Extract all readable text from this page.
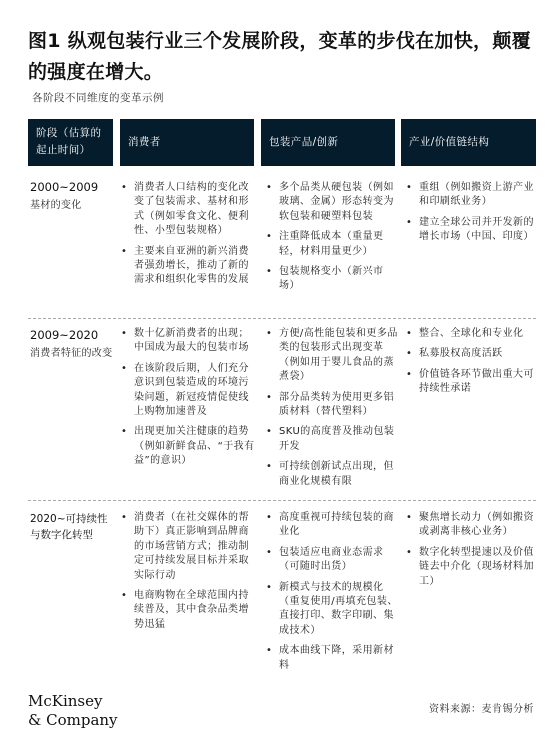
图1 纵观包装行业三个发展阶段，变革的步伐在加快，颠覆的强度在增大。
各阶段不同维度的变革示例
阶段（估算的起止时间）
消费者	包装产品/创新	产业/价值链结构
2000~2009
基材的变化
• 消费者人口结构的变化改变了包装需求、基材和形式（例如零食文化、便利性、小型包装规格）
• 主要来自亚洲的新兴消费者强劲增长，推动了新的需求和组织化零售的发展
• 多个品类从硬包装（例如玻璃、金属）形态转变为软包装和硬塑料包装
• 注重降低成本（重量更轻，材料用量更少）
• 包装规格变小（新兴市场）
• 重组（例如搬资上游产业和印刷纸业务）
• 建立全球公司并开发新的增长市场（中国、印度）
2009~2020
消费者特征的改变
• 数十亿新消费者的出现；中国成为最大的包装市场
• 在该阶段后期，人们充分意识到包装造成的环境污染问题，新冠疫情促使线上购物加速普及
• 出现更加关注健康的趋势（例如新鲜食品、“于我有益”的意识）
• 方便/高性能包装和更多品类的包装形式出现变革（例如用于婴儿食品的蒸煮袋）
• 部分品类转为使用更多铝质材料（替代塑料）
• SKU的高度普及推动包装开发
• 可持续创新试点出现，但商业化规模有限
• 整合、全球化和专业化
• 私募股权高度活跃
• 价值链各环节做出重大可持续性承诺
2020~可持续性与数字化转型
• 消费者（在社交媒体的帮助下）真正影响到品牌商的市场营销方式；推动制定可持续发展目标并采取实际行动
• 电商购物在全球范围内持续普及，其中食杂品类增势迅猛
• 高度重视可持续包装的商业化
• 包装适应电商业态需求（可随时出货）
• 新模式与技术的规模化（重复使用/再填充包装、直接打印、数字印刷、集成技术）
• 成本曲线下降，采用新材料
• 聚焦增长动力（例如搬资或剥离非核心业务）
• 数字化转型提速以及价值链去中介化（现场材料加工）
McKinsey
& Company
资料来源：麦肯锡分析
